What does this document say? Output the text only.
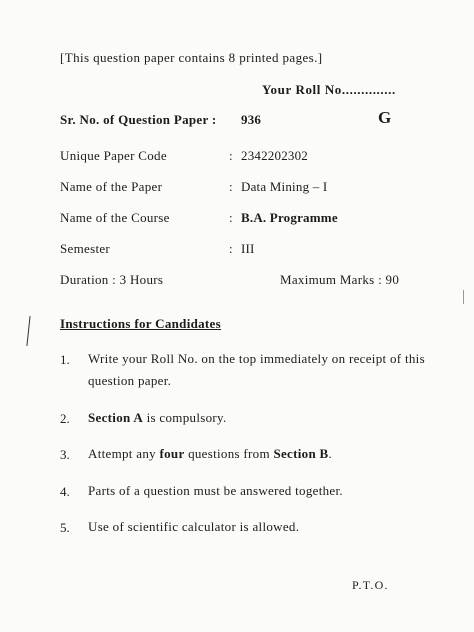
[This question paper contains 8 printed pages.]
Your Roll No..............
Sr. No. of Question Paper : 936	G
Unique Paper Code	: 2342202302
Name of the Paper	: Data Mining – I
Name of the Course	: B.A. Programme
Semester	: III
Duration : 3 Hours	Maximum Marks : 90
Instructions for Candidates
1. Write your Roll No. on the top immediately on receipt of this question paper.
2. Section A is compulsory.
3. Attempt any four questions from Section B.
4. Parts of a question must be answered together.
5. Use of scientific calculator is allowed.
P.T.O.
